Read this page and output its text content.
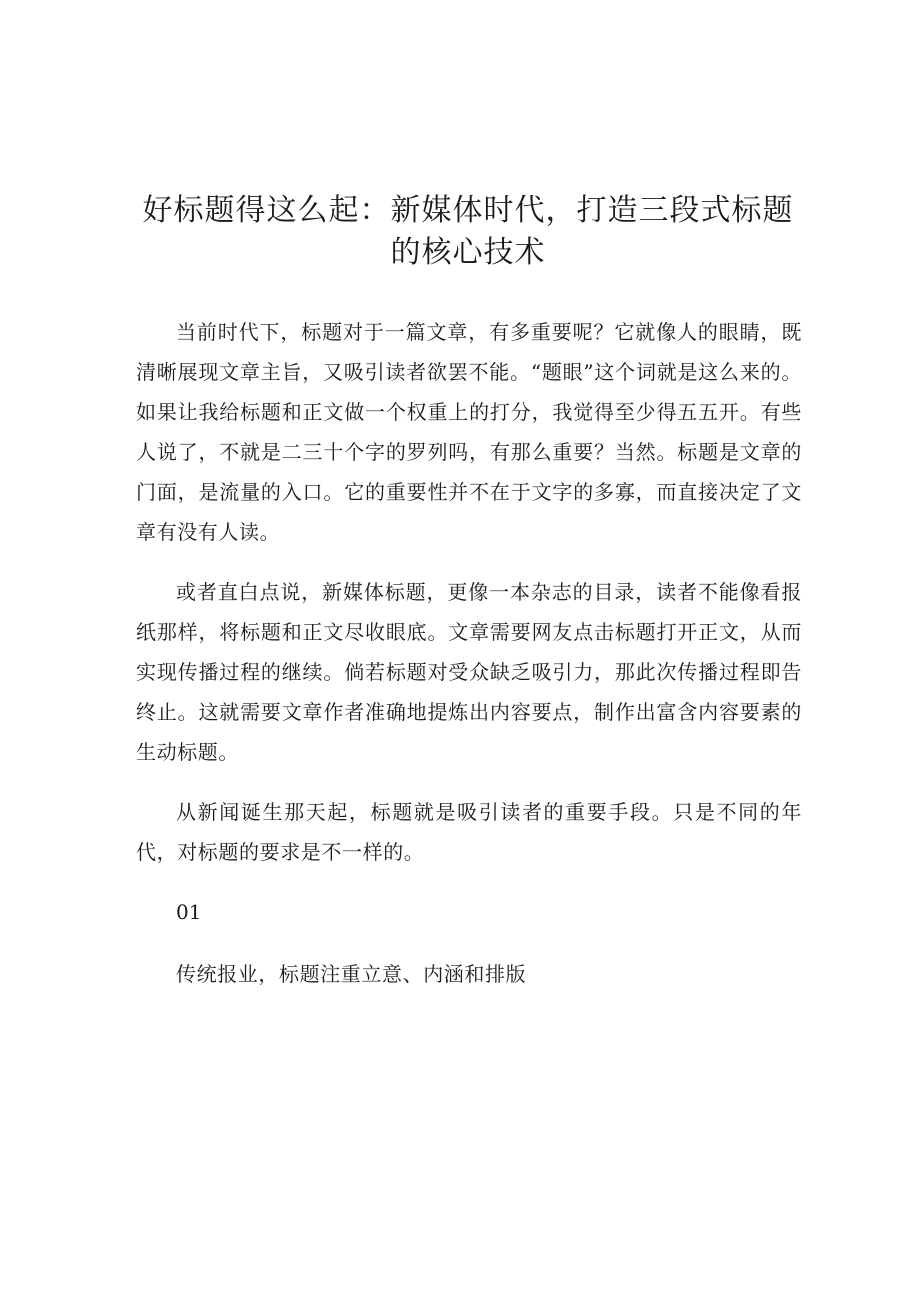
好标题得这么起：新媒体时代，打造三段式标题的核心技术

当前时代下，标题对于一篇文章，有多重要呢？它就像人的眼睛，既清晰展现文章主旨，又吸引读者欲罢不能。“题眼”这个词就是这么来的。如果让我给标题和正文做一个权重上的打分，我觉得至少得五五开。有些人说了，不就是二三十个字的罗列吗，有那么重要？当然。标题是文章的门面，是流量的入口。它的重要性并不在于文字的多寡，而直接决定了文章有没有人读。

或者直白点说，新媒体标题，更像一本杂志的目录，读者不能像看报纸那样，将标题和正文尽收眼底。文章需要网友点击标题打开正文，从而实现传播过程的继续。倘若标题对受众缺乏吸引力，那此次传播过程即告终止。这就需要文章作者准确地提炼出内容要点，制作出富含内容要素的生动标题。

从新闻诞生那天起，标题就是吸引读者的重要手段。只是不同的年代，对标题的要求是不一样的。

01

传统报业，标题注重立意、内涵和排版
